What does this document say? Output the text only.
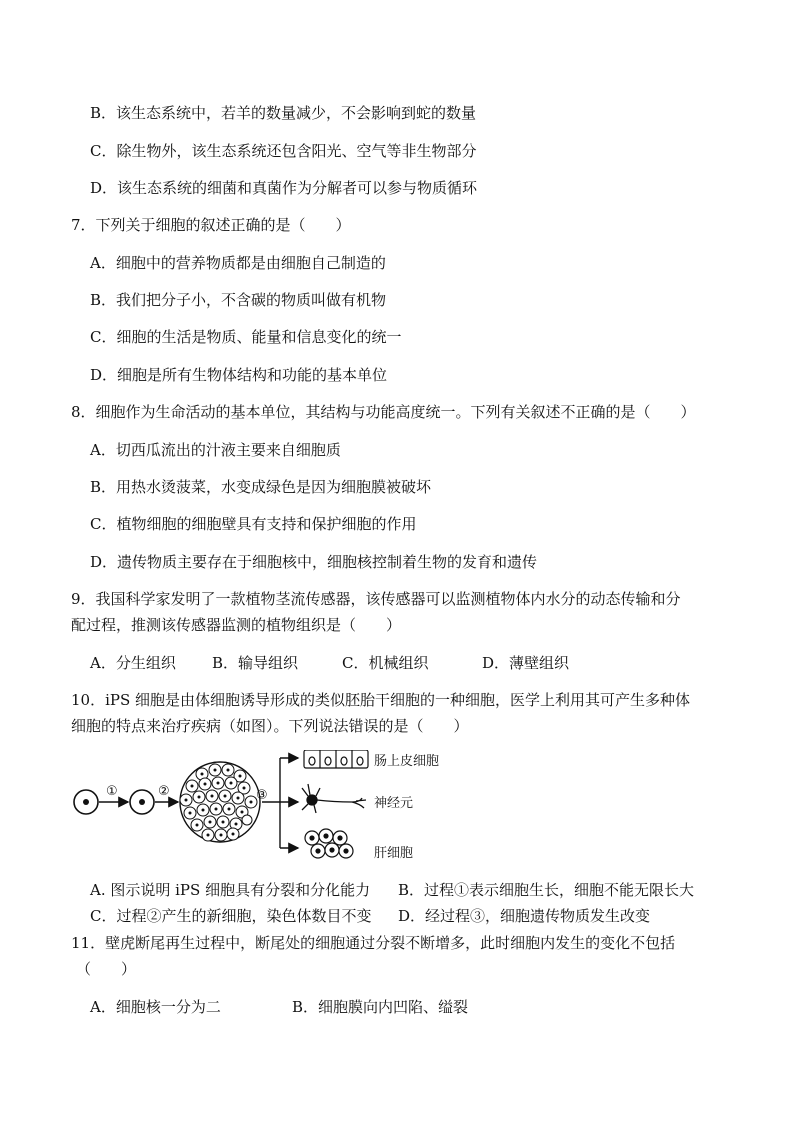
B．该生态系统中，若羊的数量减少，不会影响到蛇的数量
C．除生物外，该生态系统还包含阳光、空气等非生物部分
D．该生态系统的细菌和真菌作为分解者可以参与物质循环
7．下列关于细胞的叙述正确的是（　　）
A．细胞中的营养物质都是由细胞自己制造的
B．我们把分子小，不含碳的物质叫做有机物
C．细胞的生活是物质、能量和信息变化的统一
D．细胞是所有生物体结构和功能的基本单位
8．细胞作为生命活动的基本单位，其结构与功能高度统一。下列有关叙述不正确的是（　　）
A．切西瓜流出的汁液主要来自细胞质
B．用热水烫菠菜，水变成绿色是因为细胞膜被破坏
C．植物细胞的细胞壁具有支持和保护细胞的作用
D．遗传物质主要存在于细胞核中，细胞核控制着生物的发育和遗传
9．我国科学家发明了一款植物茎流传感器，该传感器可以监测植物体内水分的动态传输和分
配过程，推测该传感器监测的植物组织是（　　）
A．分生组织 B．输导组织	C．机械组织	D．薄壁组织
10．iPS 细胞是由体细胞诱导形成的类似胚胎干细胞的一种细胞，医学上利用其可产生多种体
细胞的特点来治疗疾病（如图）。下列说法错误的是（　　）
①	②	③
肠上皮细胞
神经元
肝细胞
A. 图示说明 iPS 细胞具有分裂和分化能力 B．过程①表示细胞生长，细胞不能无限长大
C．过程②产生的新细胞，染色体数目不变 D．经过程③，细胞遗传物质发生改变
11．壁虎断尾再生过程中，断尾处的细胞通过分裂不断增多，此时细胞内发生的变化不包括
（　　）
A．细胞核一分为二	B．细胞膜向内凹陷、缢裂
